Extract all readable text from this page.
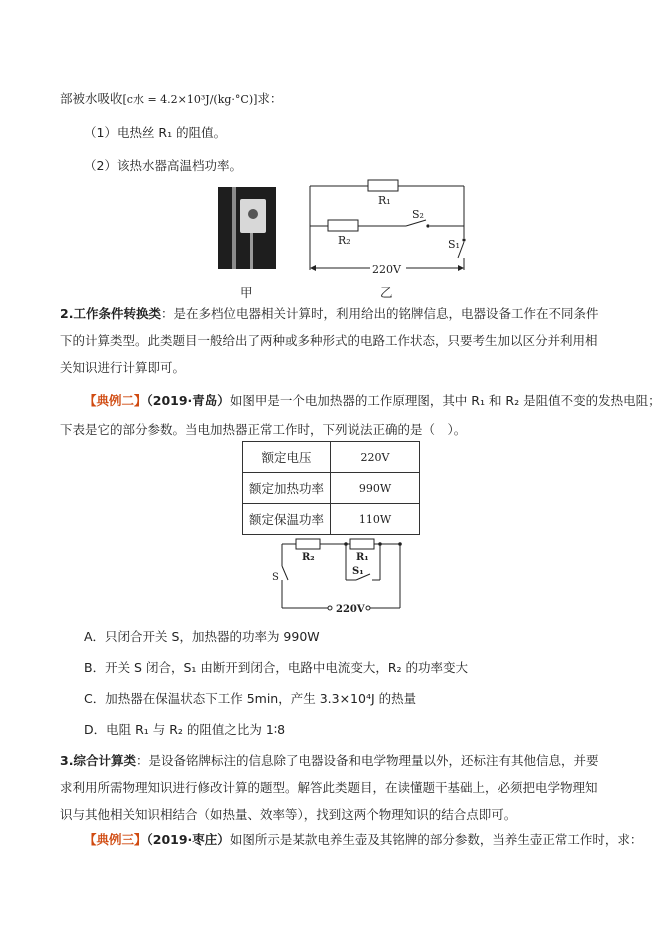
部被水吸收[c水 = 4.2×10³J/(kg·°C)]求：
（1）电热丝 R₁ 的阻值。
（2）该热水器高温档功率。
甲
R₁
R₂
S₂
S₁
220V
乙
2.工作条件转换类：是在多档位电器相关计算时，利用给出的铭牌信息，电器设备工作在不同条件下的计算类型。此类题目一般给出了两种或多种形式的电路工作状态，只要考生加以区分并利用相关知识进行计算即可。
【典例二】（2019·青岛）如图甲是一个电加热器的工作原理图，其中 R₁ 和 R₂ 是阻值不变的发热电阻；
下表是它的部分参数。当电加热器正常工作时，下列说法正确的是（　）。
额定电压	220V
额定加热功率	990W
额定保温功率	110W
R₂	R₁
S₁
S
220V
A．只闭合开关 S，加热器的功率为 990W
B．开关 S 闭合，S₁ 由断开到闭合，电路中电流变大，R₂ 的功率变大
C．加热器在保温状态下工作 5min，产生 3.3×10⁴J 的热量
D．电阻 R₁ 与 R₂ 的阻值之比为 1∶8
3.综合计算类：是设备铭牌标注的信息除了电器设备和电学物理量以外，还标注有其他信息，并要求利用所需物理知识进行修改计算的题型。解答此类题目，在读懂题干基础上，必须把电学物理知识与其他相关知识相结合（如热量、效率等），找到这两个物理知识的结合点即可。
【典例三】（2019·枣庄）如图所示是某款电养生壶及其铭牌的部分参数，当养生壶正常工作时，求：
